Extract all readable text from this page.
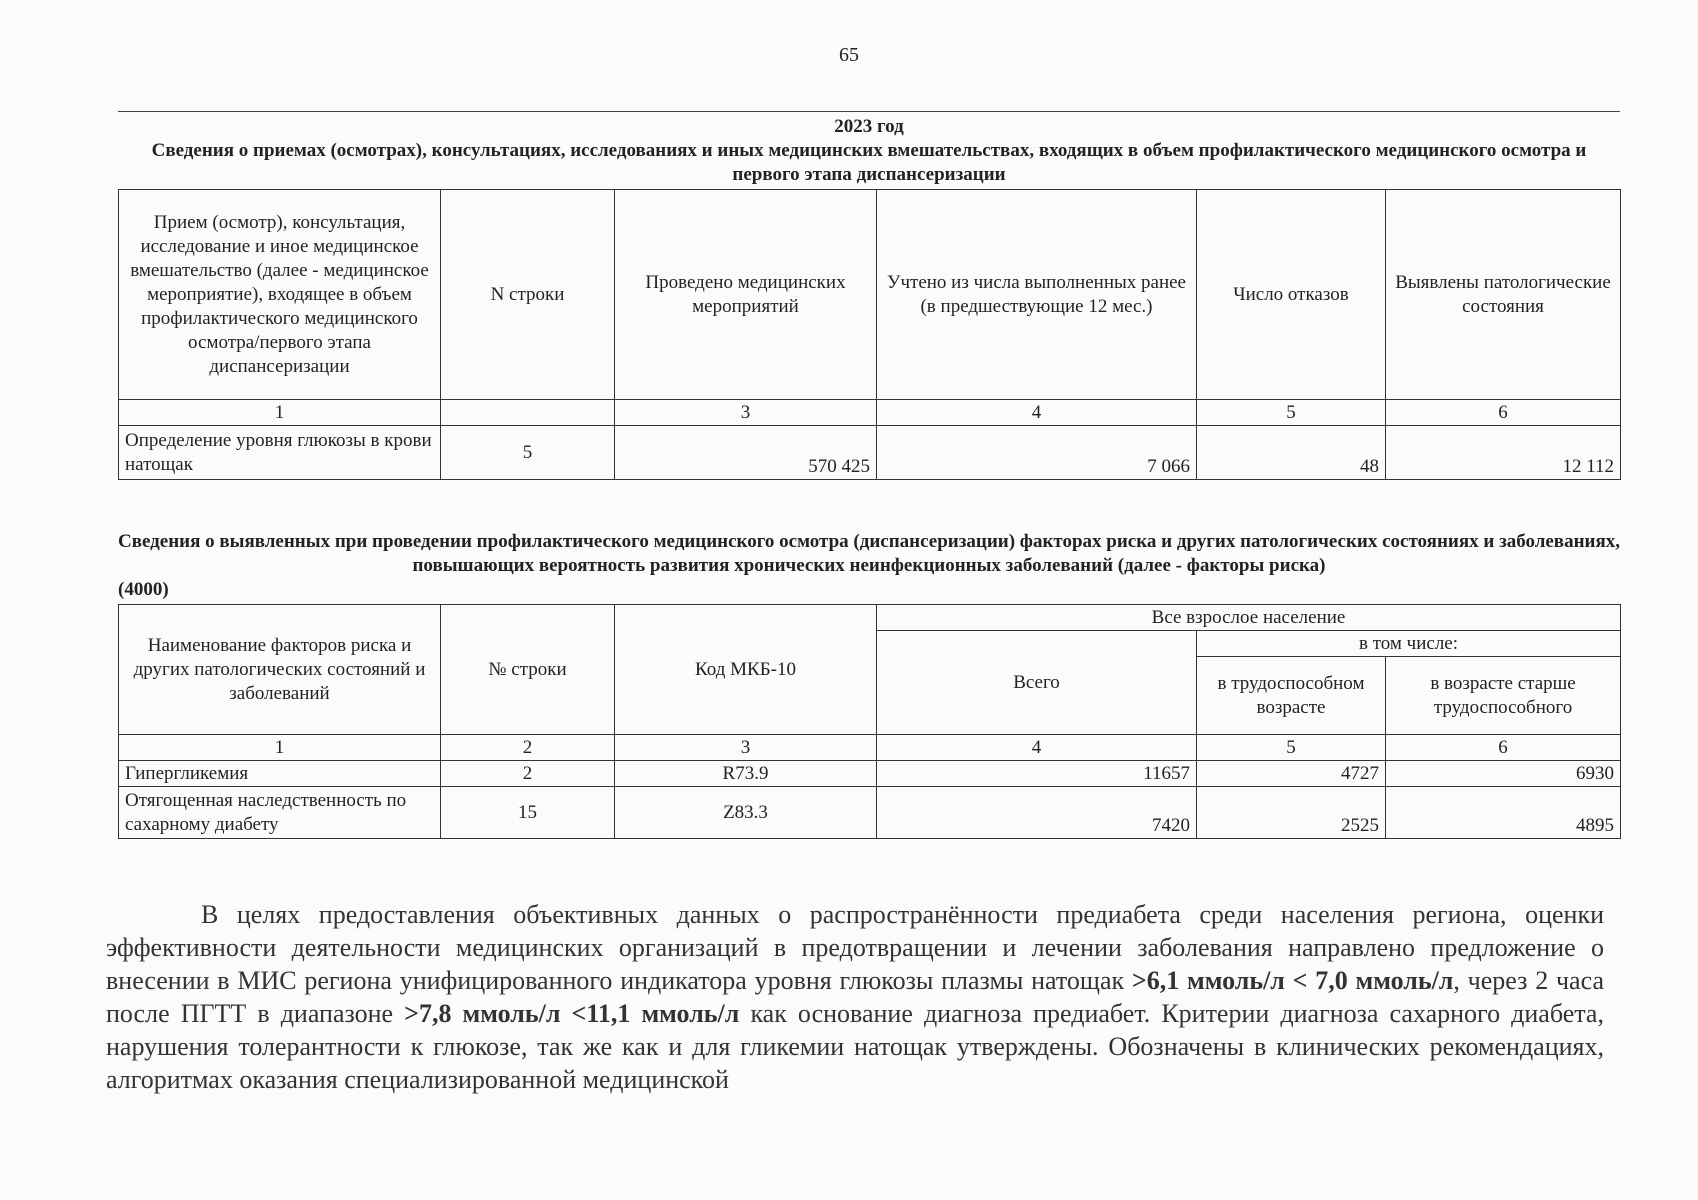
65
2023 год
Сведения о приемах (осмотрах), консультациях, исследованиях и иных медицинских вмешательствах, входящих в объем профилактического медицинского осмотра и первого этапа диспансеризации
Прием (осмотр), консультация, исследование и иное медицинское вмешательство (далее - медицинское мероприятие), входящее в объем профилактического медицинского осмотра/первого этапа диспансеризации	N строки	Проведено медицинских мероприятий	Учтено из числа выполненных ранее (в предшествующие 12 мес.)	Число отказов	Выявлены патологические состояния
1		3	4	5	6
Определение уровня глюкозы в крови натощак	5	570 425	7 066	48	12 112
Сведения о выявленных при проведении профилактического медицинского осмотра (диспансеризации) факторах риска и других патологических состояниях и заболеваниях, повышающих вероятность развития хронических неинфекционных заболеваний (далее - факторы риска)
(4000)
Наименование факторов риска и других патологических состояний и заболеваний	№ строки	Код МКБ-10	Все взрослое население		
			Всего	в том числе:	
				в трудоспособном возрасте	в возрасте старше трудоспособного
1	2	3	4	5	6
Гипергликемия	2	R73.9	11657	4727	6930
Отягощенная наследственность по сахарному диабету	15	Z83.3	7420	2525	4895

В целях предоставления объективных данных о распространённости предиабета среди населения региона, оценки эффективности деятельности медицинских организаций в предотвращении и лечении заболевания направлено предложение о внесении в МИС региона унифицированного индикатора уровня глюкозы плазмы натощак >6,1 ммоль/л < 7,0 ммоль/л, через 2 часа после ПГТТ в диапазоне >7,8 ммоль/л <11,1 ммоль/л как основание диагноза предиабет. Критерии диагноза сахарного диабета, нарушения толерантности к глюкозе, так же как и для гликемии натощак утверждены. Обозначены в клинических рекомендациях, алгоритмах оказания специализированной медицинской
